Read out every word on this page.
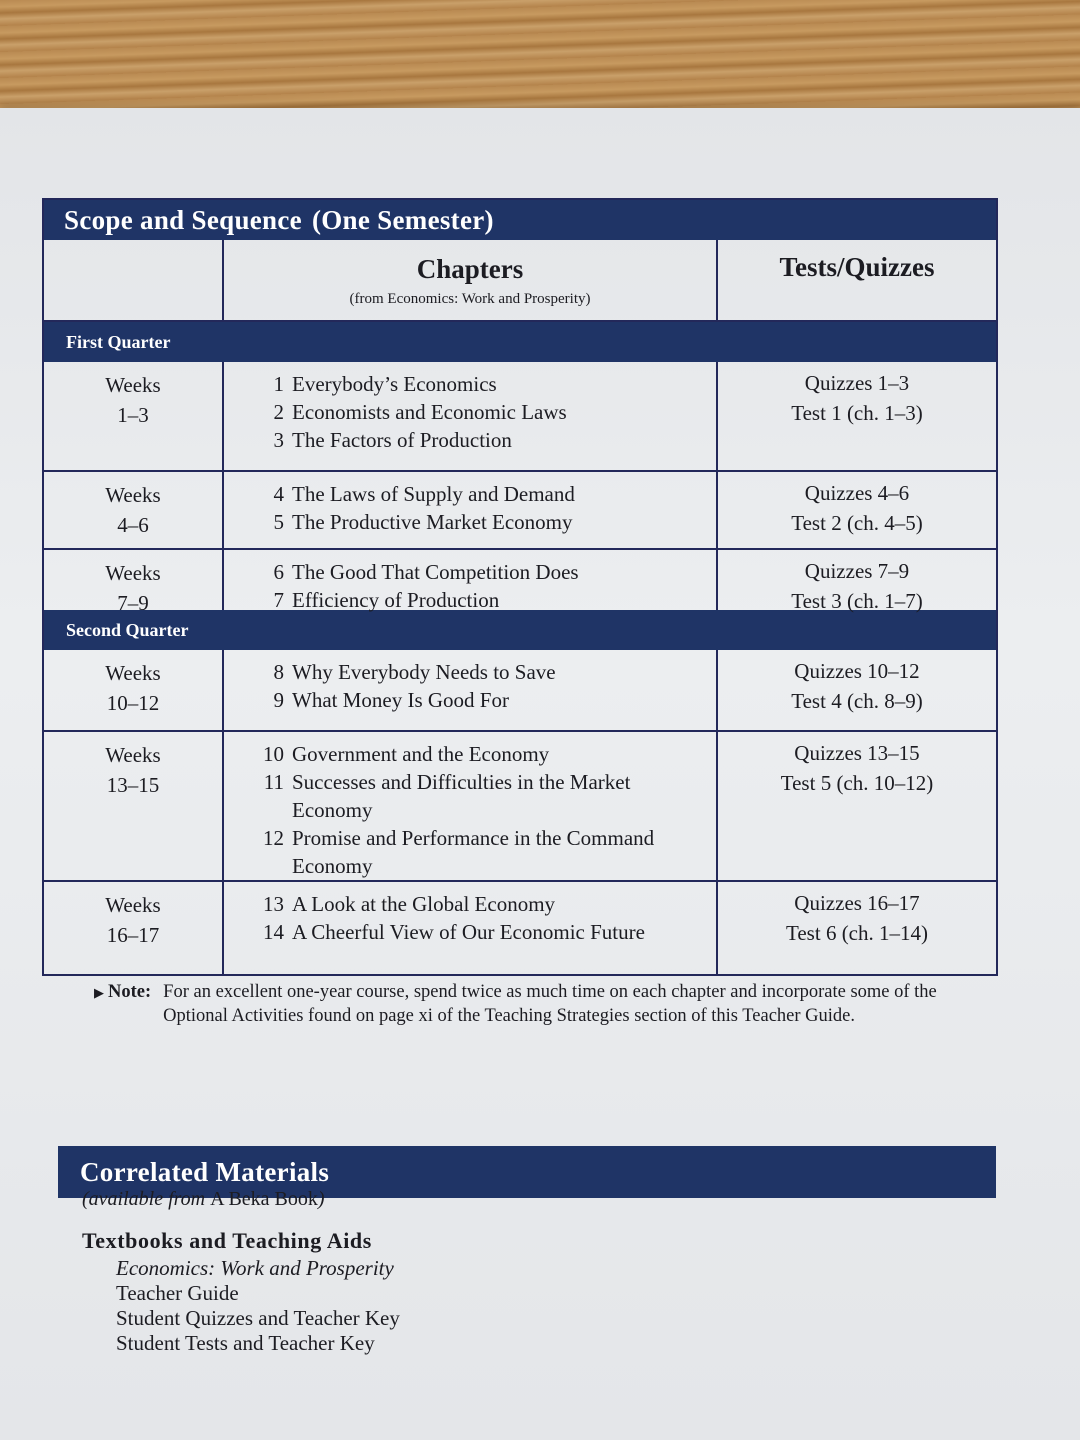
Scope and Sequence (One Semester)
Chapters
(from Economics: Work and Prosperity)
Tests/Quizzes
First Quarter
Weeks
1–3
1 Everybody’s Economics
2 Economists and Economic Laws
3 The Factors of Production
Quizzes 1–3
Test 1 (ch. 1–3)
Weeks
4–6
4 The Laws of Supply and Demand
5 The Productive Market Economy
Quizzes 4–6
Test 2 (ch. 4–5)
Weeks
7–9
6 The Good That Competition Does
7 Efficiency of Production
Quizzes 7–9
Test 3 (ch. 1–7)
Second Quarter
Weeks
10–12
8 Why Everybody Needs to Save
9 What Money Is Good For
Quizzes 10–12
Test 4 (ch. 8–9)
Weeks
13–15
10 Government and the Economy
11 Successes and Difficulties in the Market Economy
12 Promise and Performance in the Command Economy
Quizzes 13–15
Test 5 (ch. 10–12)
Weeks
16–17
13 A Look at the Global Economy
14 A Cheerful View of Our Economic Future
Quizzes 16–17
Test 6 (ch. 1–14)
▶ Note: For an excellent one-year course, spend twice as much time on each chapter and incorporate some of the Optional Activities found on page xi of the Teaching Strategies section of this Teacher Guide.
Correlated Materials
(available from A Beka Book)
Textbooks and Teaching Aids
Economics: Work and Prosperity
Teacher Guide
Student Quizzes and Teacher Key
Student Tests and Teacher Key
